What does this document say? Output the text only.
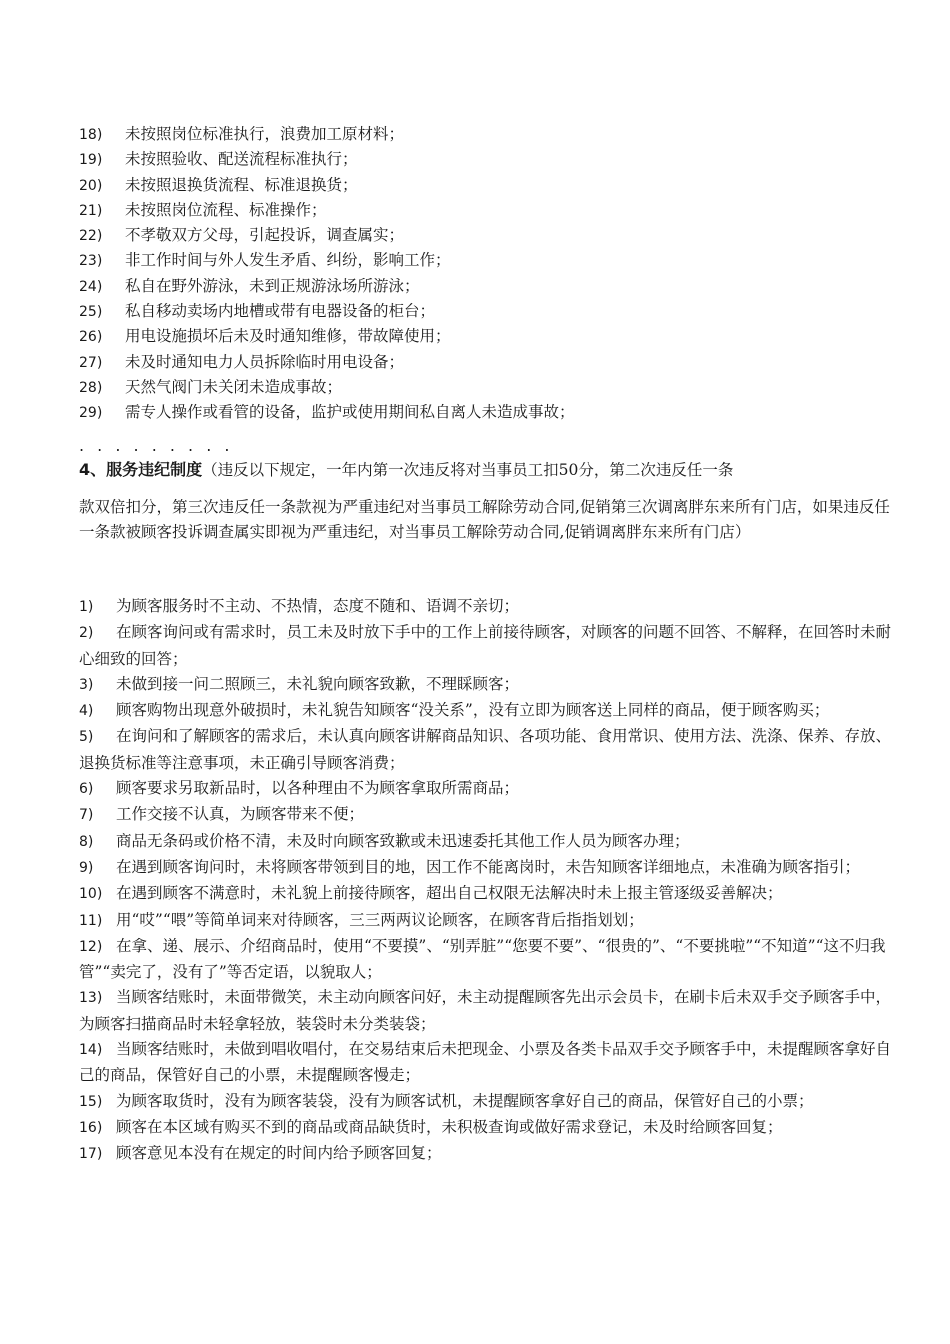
18) 未按照岗位标准执行，浪费加工原材料；
19) 未按照验收、配送流程标准执行；
20) 未按照退换货流程、标准退换货；
21) 未按照岗位流程、标准操作；
22) 不孝敬双方父母，引起投诉，调查属实；
23) 非工作时间与外人发生矛盾、纠纷，影响工作；
24) 私自在野外游泳，未到正规游泳场所游泳；
25) 私自移动卖场内地槽或带有电器设备的柜台；
26) 用电设施损坏后未及时通知维修，带故障使用；
27) 未及时通知电力人员拆除临时用电设备；
28) 天然气阀门未关闭未造成事故；
29) 需专人操作或看管的设备，监护或使用期间私自离人未造成事故；
. . . . . . . . .

4、服务违纪制度（违反以下规定，一年内第一次违反将对当事员工扣50分，第二次违反任一条

款双倍扣分，第三次违反任一条款视为严重违纪对当事员工解除劳动合同,促销第三次调离胖东来所有门店，如果违反任一条款被顾客投诉调查属实即视为严重违纪，对当事员工解除劳动合同,促销调离胖东来所有门店）

1) 为顾客服务时不主动、不热情，态度不随和、语调不亲切；
2) 在顾客询问或有需求时，员工未及时放下手中的工作上前接待顾客，对顾客的问题不回答、不解释，在回答时未耐心细致的回答；
3) 未做到接一问二照顾三，未礼貌向顾客致歉，不理睬顾客；
4) 顾客购物出现意外破损时，未礼貌告知顾客“没关系”，没有立即为顾客送上同样的商品，便于顾客购买；
5) 在询问和了解顾客的需求后，未认真向顾客讲解商品知识、各项功能、食用常识、使用方法、洗涤、保养、存放、退换货标准等注意事项，未正确引导顾客消费；
6) 顾客要求另取新品时，以各种理由不为顾客拿取所需商品；
7) 工作交接不认真，为顾客带来不便；
8) 商品无条码或价格不清，未及时向顾客致歉或未迅速委托其他工作人员为顾客办理；
9) 在遇到顾客询问时，未将顾客带领到目的地，因工作不能离岗时，未告知顾客详细地点，未准确为顾客指引；
10) 在遇到顾客不满意时，未礼貌上前接待顾客，超出自己权限无法解决时未上报主管逐级妥善解决；
11) 用“哎”“喂”等简单词来对待顾客，三三两两议论顾客，在顾客背后指指划划；
12) 在拿、递、展示、介绍商品时，使用“不要摸”、“别弄脏”“您要不要”、“很贵的”、“不要挑啦”“不知道”“这不归我管”“卖完了，没有了”等否定语，以貌取人；
13) 当顾客结账时，未面带微笑，未主动向顾客问好，未主动提醒顾客先出示会员卡，在刷卡后未双手交予顾客手中，为顾客扫描商品时未轻拿轻放，装袋时未分类装袋；
14) 当顾客结账时，未做到唱收唱付，在交易结束后未把现金、小票及各类卡品双手交予顾客手中，未提醒顾客拿好自己的商品，保管好自己的小票，未提醒顾客慢走；
15) 为顾客取货时，没有为顾客装袋，没有为顾客试机，未提醒顾客拿好自己的商品，保管好自己的小票；
16) 顾客在本区域有购买不到的商品或商品缺货时，未积极查询或做好需求登记，未及时给顾客回复；
17) 顾客意见本没有在规定的时间内给予顾客回复；
